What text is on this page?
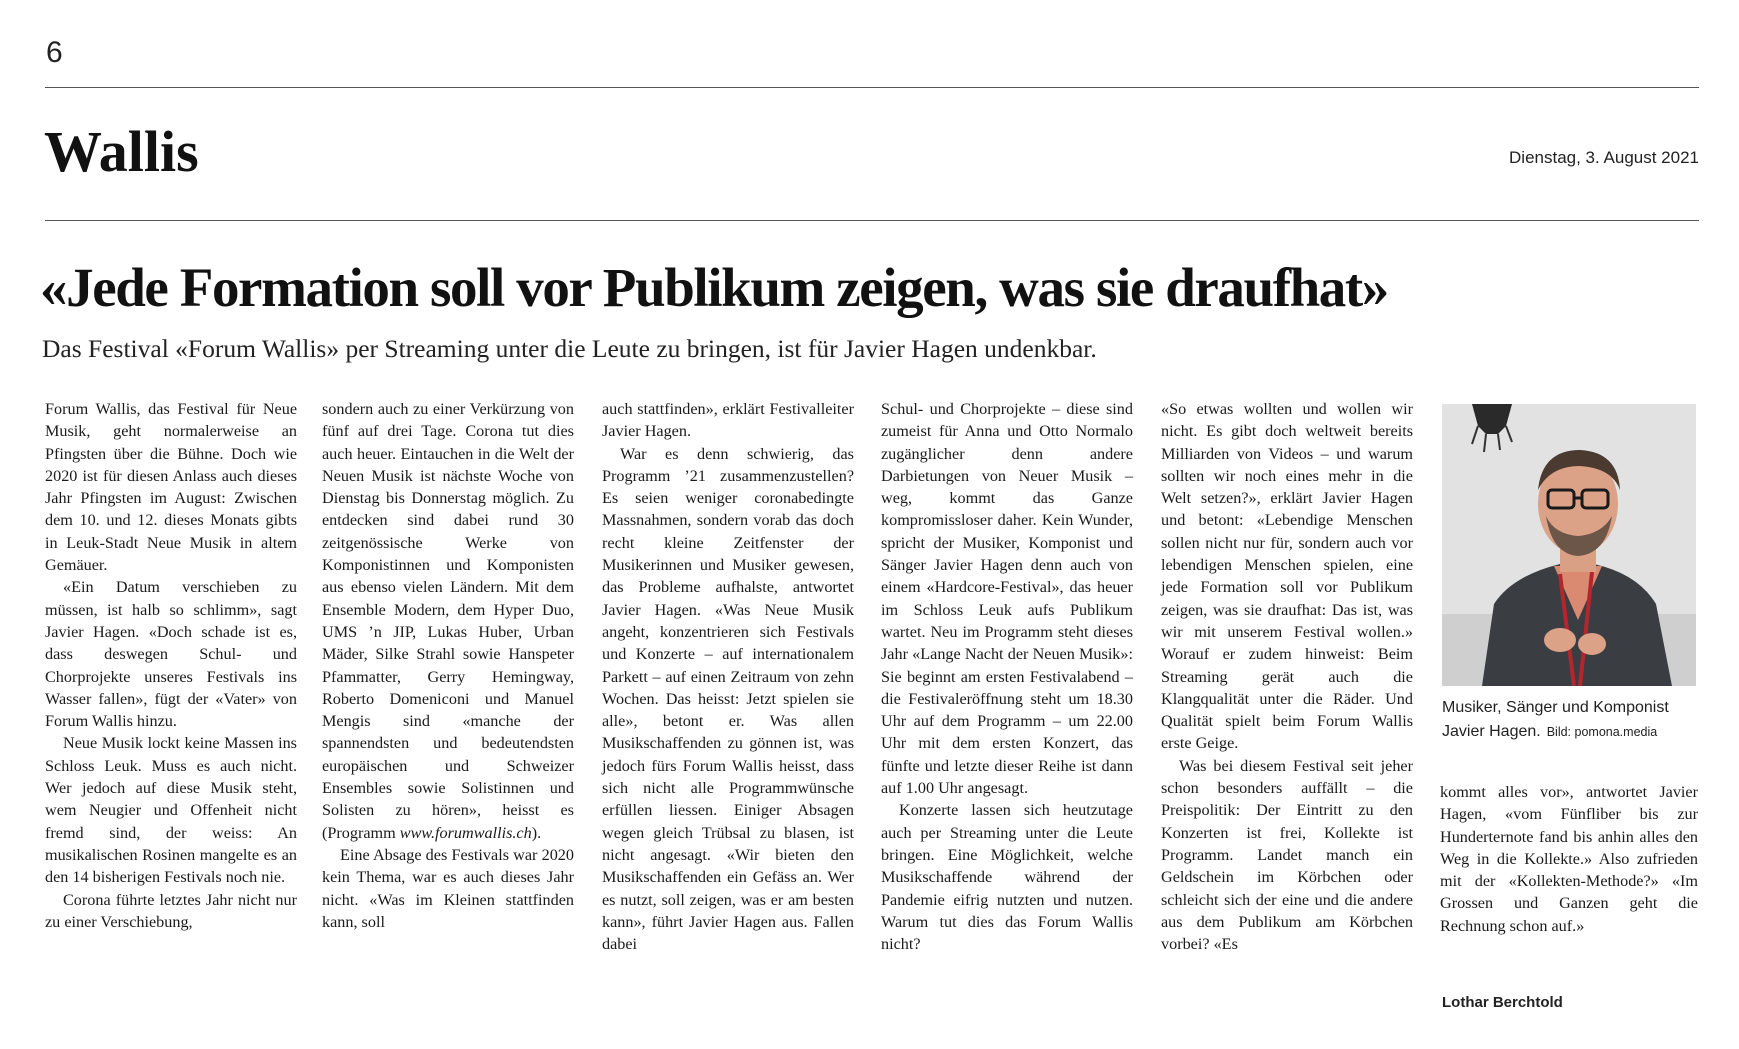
6
Wallis	Dienstag, 3. August 2021
«Jede Formation soll vor Publikum zeigen, was sie draufhat»
Das Festival «Forum Wallis» per Streaming unter die Leute zu bringen, ist für Javier Hagen undenkbar.

Forum Wallis, das Festival für Neue Musik, geht normalerweise an Pfingsten über die Bühne. Doch wie 2020 ist für diesen Anlass auch dieses Jahr Pfingsten im August: Zwischen dem 10. und 12. dieses Monats gibts in Leuk-Stadt Neue Musik in altem Gemäuer.

«Ein Datum verschieben zu müssen, ist halb so schlimm», sagt Javier Hagen. «Doch schade ist es, dass deswegen Schul- und Chorprojekte unseres Festivals ins Wasser fallen», fügt der «Vater» von Forum Wallis hinzu.

Neue Musik lockt keine Massen ins Schloss Leuk. Muss es auch nicht. Wer jedoch auf diese Musik steht, wem Neugier und Offenheit nicht fremd sind, der weiss: An musikalischen Rosinen mangelte es an den 14 bisherigen Festivals noch nie.

Corona führte letztes Jahr nicht nur zu einer Verschiebung,

sondern auch zu einer Verkürzung von fünf auf drei Tage. Corona tut dies auch heuer. Eintauchen in die Welt der Neuen Musik ist nächste Woche von Dienstag bis Donnerstag möglich. Zu entdecken sind dabei rund 30 zeitgenössische Werke von Komponistinnen und Komponisten aus ebenso vielen Ländern. Mit dem Ensemble Modern, dem Hyper Duo, UMS ’n JIP, Lukas Huber, Urban Mäder, Silke Strahl sowie Hanspeter Pfammatter, Gerry Hemingway, Roberto Domeniconi und Manuel Mengis sind «manche der spannendsten und bedeutendsten europäischen und Schweizer Ensembles sowie Solistinnen und Solisten zu hören», heisst es (Programm www.forumwallis.ch).

Eine Absage des Festivals war 2020 kein Thema, war es auch dieses Jahr nicht. «Was im Kleinen stattfinden kann, soll

auch stattfinden», erklärt Festivalleiter Javier Hagen.

War es denn schwierig, das Programm ’21 zusammenzustellen? Es seien weniger coronabedingte Massnahmen, sondern vorab das doch recht kleine Zeitfenster der Musikerinnen und Musiker gewesen, das Probleme aufhalste, antwortet Javier Hagen. «Was Neue Musik angeht, konzentrieren sich Festivals und Konzerte – auf internationalem Parkett – auf einen Zeitraum von zehn Wochen. Das heisst: Jetzt spielen sie alle», betont er. Was allen Musikschaffenden zu gönnen ist, was jedoch fürs Forum Wallis heisst, dass sich nicht alle Programmwünsche erfüllen liessen. Einiger Absagen wegen gleich Trübsal zu blasen, ist nicht angesagt. «Wir bieten den Musikschaffenden ein Gefäss an. Wer es nutzt, soll zeigen, was er am besten kann», führt Javier Hagen aus. Fallen dabei

Schul- und Chorprojekte – diese sind zumeist für Anna und Otto Normalo zugänglicher denn andere Darbietungen von Neuer Musik – weg, kommt das Ganze kompromissloser daher. Kein Wunder, spricht der Musiker, Komponist und Sänger Javier Hagen denn auch von einem «Hardcore-Festival», das heuer im Schloss Leuk aufs Publikum wartet. Neu im Programm steht dieses Jahr «Lange Nacht der Neuen Musik»: Sie beginnt am ersten Festivalabend – die Festivaleröffnung steht um 18.30 Uhr auf dem Programm – um 22.00 Uhr mit dem ersten Konzert, das fünfte und letzte dieser Reihe ist dann auf 1.00 Uhr angesagt.

Konzerte lassen sich heutzutage auch per Streaming unter die Leute bringen. Eine Möglichkeit, welche Musikschaffende während der Pandemie eifrig nutzten und nutzen. Warum tut dies das Forum Wallis nicht?

«So etwas wollten und wollen wir nicht. Es gibt doch weltweit bereits Milliarden von Videos – und warum sollten wir noch eines mehr in die Welt setzen?», erklärt Javier Hagen und betont: «Lebendige Menschen sollen nicht nur für, sondern auch vor lebendigen Menschen spielen, eine jede Formation soll vor Publikum zeigen, was sie draufhat: Das ist, was wir mit unserem Festival wollen.» Worauf er zudem hinweist: Beim Streaming gerät auch die Klangqualität unter die Räder. Und Qualität spielt beim Forum Wallis erste Geige.

Was bei diesem Festival seit jeher schon besonders auffällt – die Preispolitik: Der Eintritt zu den Konzerten ist frei, Kollekte ist Programm. Landet manch ein Geldschein im Körbchen oder schleicht sich der eine und die andere aus dem Publikum am Körbchen vorbei? «Es

Musiker, Sänger und Komponist Javier Hagen. Bild: pomona.media

kommt alles vor», antwortet Javier Hagen, «vom Fünfliber bis zur Hunderternote fand bis anhin alles den Weg in die Kollekte.» Also zufrieden mit der «Kollekten-Methode?» «Im Grossen und Ganzen geht die Rechnung schon auf.»

Lothar Berchtold
